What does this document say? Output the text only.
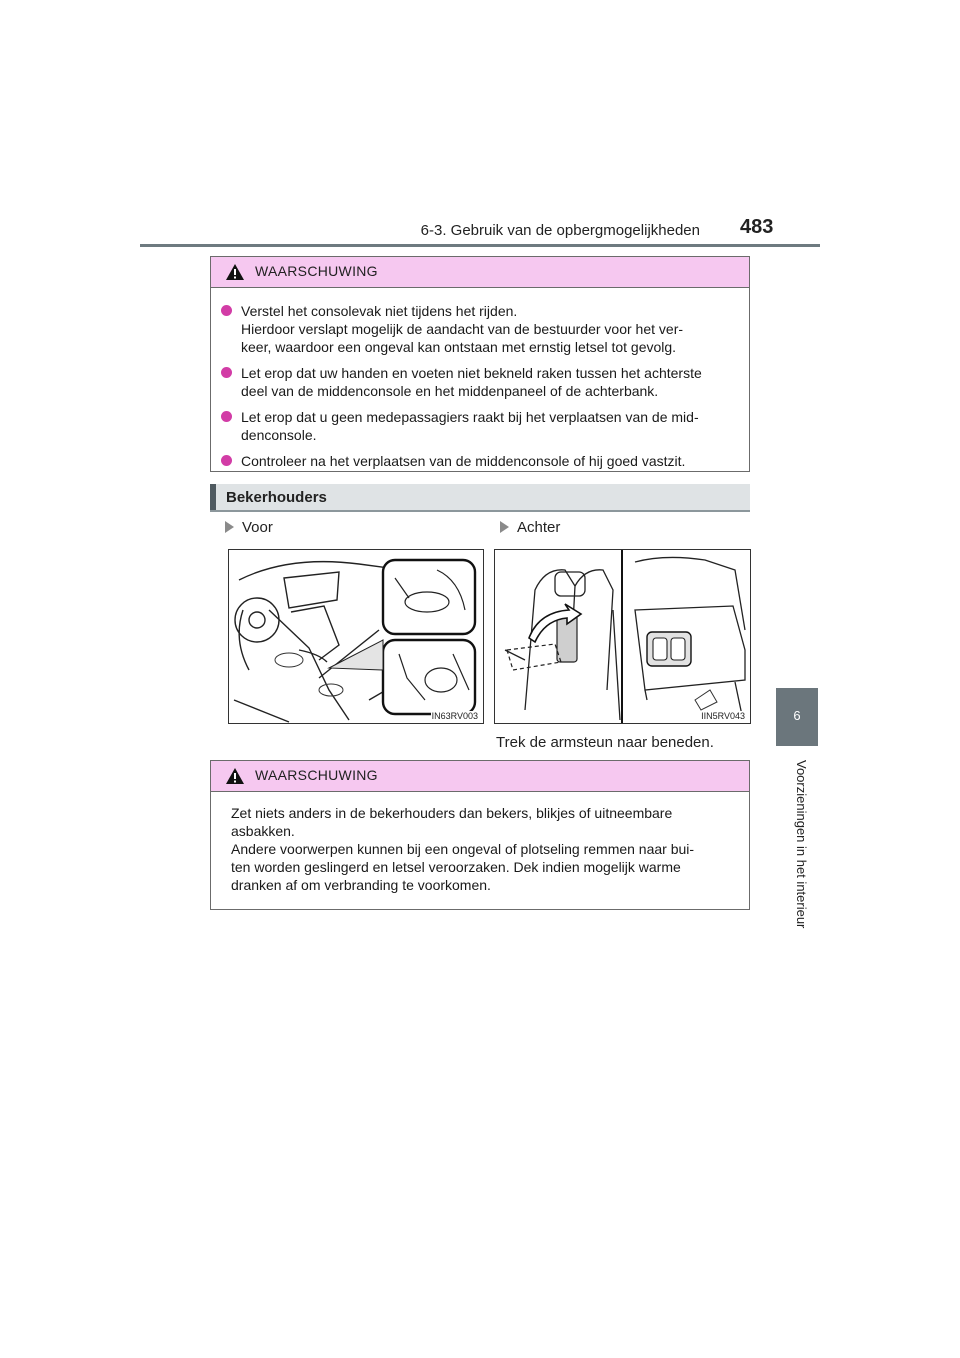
6-3. Gebruik van de opbergmogelijkheden 483
6
Voorzieningen in het interieur
WAARSCHUWING
Verstel het consolevak niet tijdens het rijden.
Hierdoor verslapt mogelijk de aandacht van de bestuurder voor het ver-
keer, waardoor een ongeval kan ontstaan met ernstig letsel tot gevolg.
Let erop dat uw handen en voeten niet bekneld raken tussen het achterste
deel van de middenconsole en het middenpaneel of de achterbank.
Let erop dat u geen medepassagiers raakt bij het verplaatsen van de mid-
denconsole.
Controleer na het verplaatsen van de middenconsole of hij goed vastzit.
Bekerhouders
Voor	Achter
IN63RV003	IIN5RV043
Trek de armsteun naar beneden.
WAARSCHUWING
Zet niets anders in de bekerhouders dan bekers, blikjes of uitneembare
asbakken.
Andere voorwerpen kunnen bij een ongeval of plotseling remmen naar bui-
ten worden geslingerd en letsel veroorzaken. Dek indien mogelijk warme
dranken af om verbranding te voorkomen.
